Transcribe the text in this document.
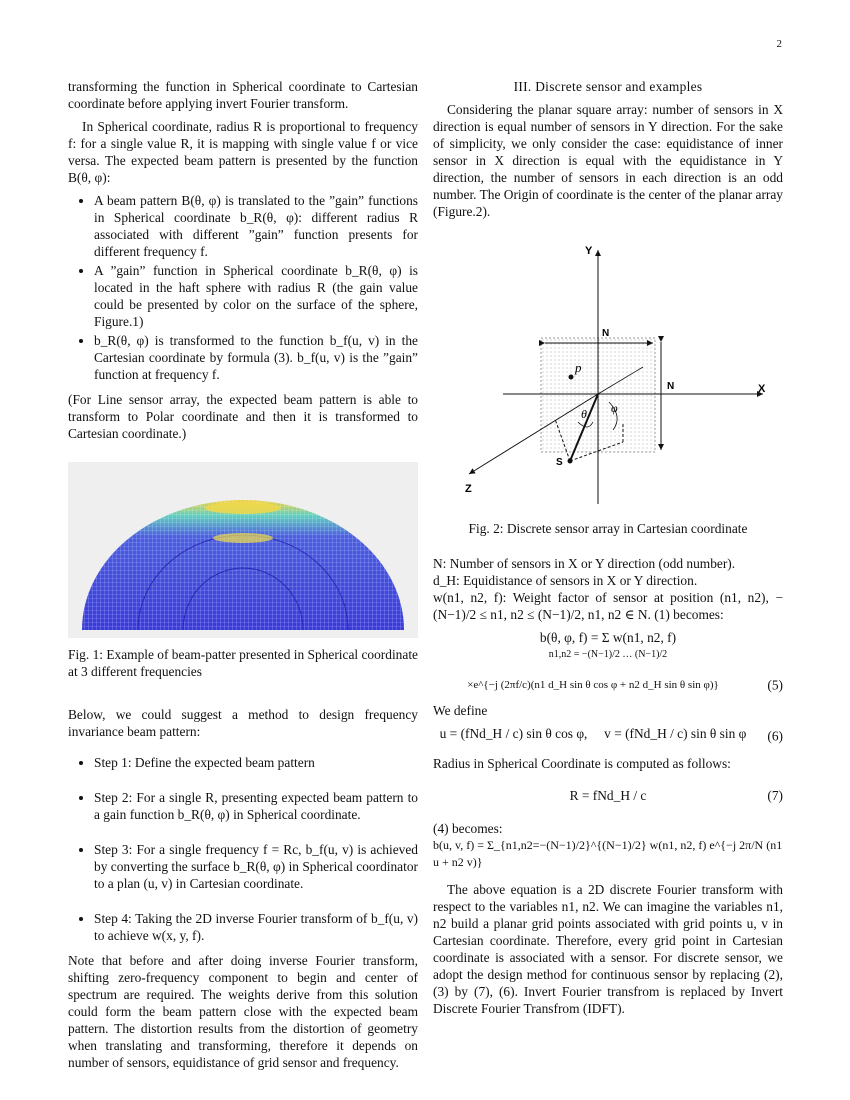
2

transforming the function in Spherical coordinate to Cartesian coordinate before applying invert Fourier transform.

In Spherical coordinate, radius R is proportional to frequency f: for a single value R, it is mapping with single value f or vice versa. The expected beam pattern is presented by the function B(θ, φ):

• A beam pattern B(θ, φ) is translated to the ”gain” functions in Spherical coordinate b_R(θ, φ): different radius R associated with different ”gain” function presents for different frequency f.
• A ”gain” function in Spherical coordinate b_R(θ, φ) is located in the haft sphere with radius R (the gain value could be presented by color on the surface of the sphere, Figure.1)
• b_R(θ, φ) is transformed to the function b_f(u, v) in the Cartesian coordinate by formula (3). b_f(u, v) is the ”gain” function at frequency f.

(For Line sensor array, the expected beam pattern is able to transform to Polar coordinate and then it is transformed to Cartesian coordinate.)

Fig. 1: Example of beam-patter presented in Spherical coordinate at 3 different frequencies

Below, we could suggest a method to design frequency invariance beam pattern:

• Step 1: Define the expected beam pattern
• Step 2: For a single R, presenting expected beam pattern to a gain function b_R(θ, φ) in Spherical coordinate.
• Step 3: For a single frequency f = Rc, b_f(u, v) is achieved by converting the surface b_R(θ, φ) in Spherical coordinator to a plan (u, v) in Cartesian coordinate.
• Step 4: Taking the 2D inverse Fourier transform of b_f(u, v) to achieve w(x, y, f).

Note that before and after doing inverse Fourier transform, shifting zero-frequency component to begin and center of spectrum are required. The weights derive from this solution could form the beam pattern close with the expected beam pattern. The distortion results from the distortion of geometry when translating and transforming, therefore it depends on number of sensors, equidistance of grid sensor and frequency.

III. Discrete sensor and examples

Considering the planar square array: number of sensors in X direction is equal number of sensors in Y direction. For the sake of simplicity, we only consider the case: equidistance of inner sensor in X direction is equal with the equidistance in Y direction, the number of sensors in each direction is an odd number. The Origin of coordinate is the center of the planar array (Figure.2).

Y
X
Z
N
N
p
S
θ φ

Fig. 2: Discrete sensor array in Cartesian coordinate

N: Number of sensors in X or Y direction (odd number).

d_H: Equidistance of sensors in X or Y direction.

w(n1, n2, f): Weight factor of sensor at position (n1, n2), −(N−1)/2 ≤ n1, n2 ≤ (N−1)/2, n1, n2 ∈ N. (1) becomes:

b(θ, φ, f) = Σ w(n1, n2, f)
n1,n2 = −(N−1)/2 … (N−1)/2
×e^{−j (2πf/c)(n1 d_H sin θ cos φ + n2 d_H sin θ sin φ)}	(5)

We define

u = (fNd_H / c) sin θ cos φ, v = (fNd_H / c) sin θ sin φ (6)

Radius in Spherical Coordinate is computed as follows:

R = fNd_H / c	(7)

(4) becomes:

b(u, v, f) = Σ_{n1,n2=−(N−1)/2}^{(N−1)/2} w(n1, n2, f) e^{−j 2π/N (n1 u + n2 v)}

The above equation is a 2D discrete Fourier transform with respect to the variables n1, n2. We can imagine the variables n1, n2 build a planar grid points associated with grid points u, v in Cartesian coordinate. Therefore, every grid point in Cartesian coordinate is associated with a sensor. For discrete sensor, we adopt the design method for continuous sensor by replacing (2), (3) by (7), (6). Invert Fourier transfrom is replaced by Invert Discrete Fourier Transfrom (IDFT).
